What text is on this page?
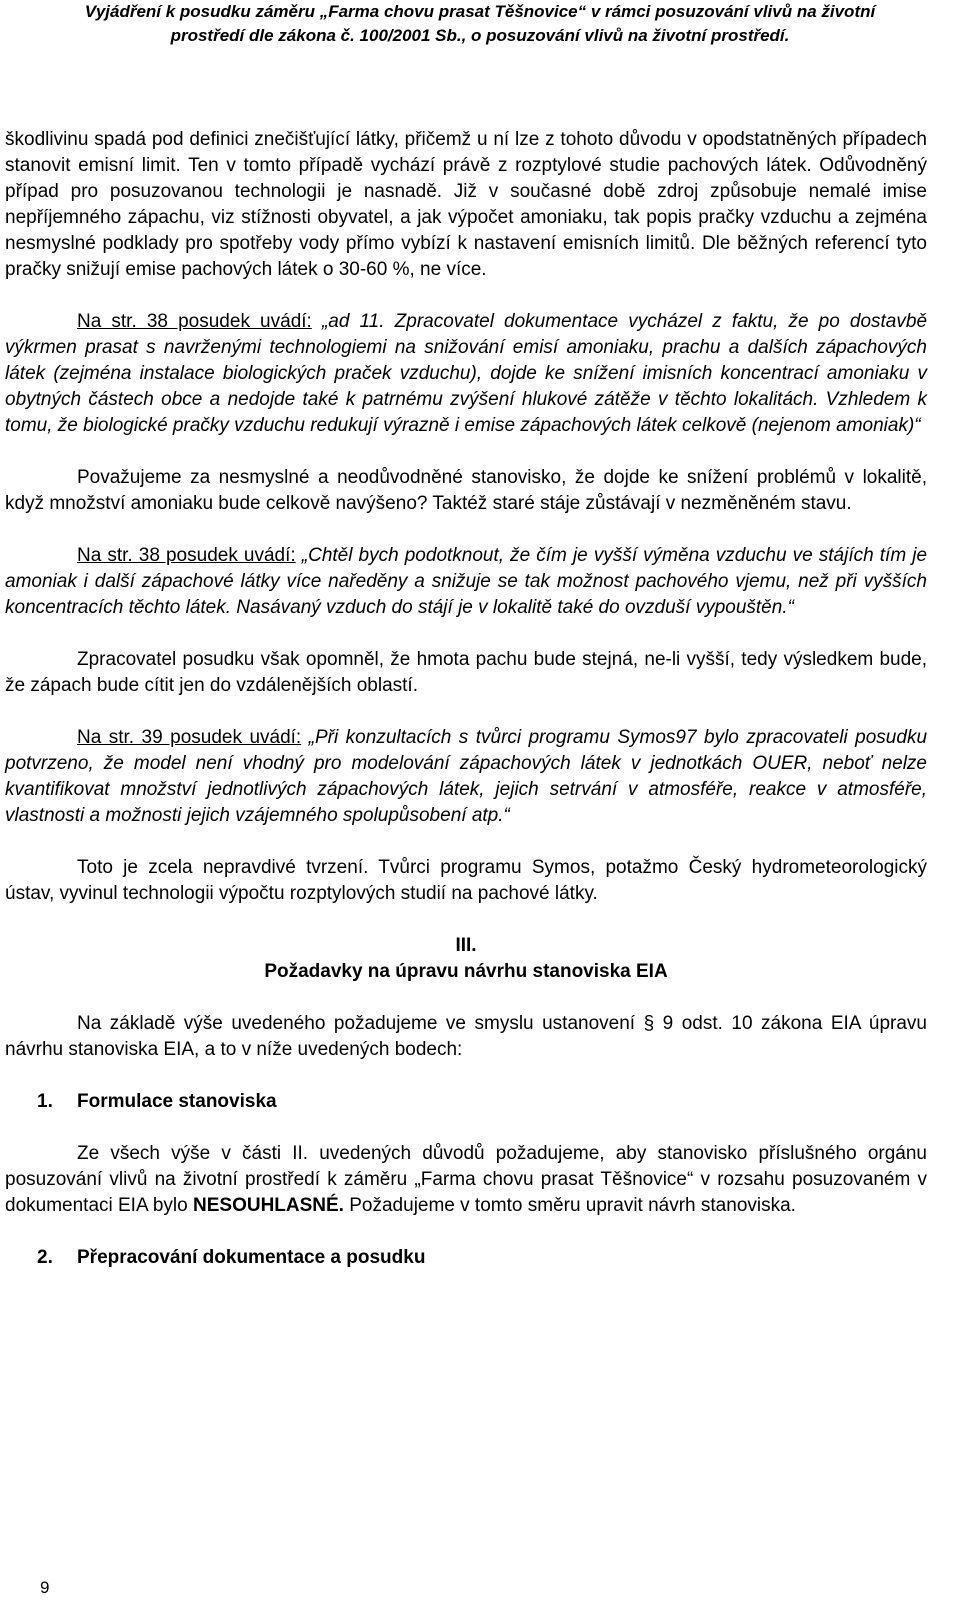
Vyjádření k posudku záměru „Farma chovu prasat Těšnovice“ v rámci posuzování vlivů na životní
prostředí dle zákona č. 100/2001 Sb., o posuzování vlivů na životní prostředí.

škodlivinu spadá pod definici znečišťující látky, přičemž u ní lze z tohoto důvodu v opodstatněných případech stanovit emisní limit. Ten v tomto případě vychází právě z rozptylové studie pachových látek. Odůvodněný případ pro posuzovanou technologii je nasnadě. Již v současné době zdroj způsobuje nemalé imise nepříjemného zápachu, viz stížnosti obyvatel, a jak výpočet amoniaku, tak popis pračky vzduchu a zejména nesmyslné podklady pro spotřeby vody přímo vybízí k nastavení emisních limitů. Dle běžných referencí tyto pračky snižují emise pachových látek o 30-60 %, ne více.

Na str. 38 posudek uvádí: „ad 11. Zpracovatel dokumentace vycházel z faktu, že po dostavbě výkrmen prasat s navrženými technologiemi na snižování emisí amoniaku, prachu a dalších zápachových látek (zejména instalace biologických praček vzduchu), dojde ke snížení imisních koncentrací amoniaku v obytných částech obce a nedojde také k patrnému zvýšení hlukové zátěže v těchto lokalitách. Vzhledem k tomu, že biologické pračky vzduchu redukují výrazně i emise zápachových látek celkově (nejenom amoniak)“

Považujeme za nesmyslné a neodůvodněné stanovisko, že dojde ke snížení problémů v lokalitě, když množství amoniaku bude celkově navýšeno? Taktéž staré stáje zůstávají v nezměněném stavu.

Na str. 38 posudek uvádí: „Chtěl bych podotknout, že čím je vyšší výměna vzduchu ve stájích tím je amoniak i další zápachové látky více naředěny a snižuje se tak možnost pachového vjemu, než při vyšších koncentracích těchto látek. Nasávaný vzduch do stájí je v lokalitě také do ovzduší vypouštěn.“

Zpracovatel posudku však opomněl, že hmota pachu bude stejná, ne-li vyšší, tedy výsledkem bude, že zápach bude cítit jen do vzdálenějších oblastí.

Na str. 39 posudek uvádí: „Při konzultacích s tvůrci programu Symos97 bylo zpracovateli posudku potvrzeno, že model není vhodný pro modelování zápachových látek v jednotkách OUER, neboť nelze kvantifikovat množství jednotlivých zápachových látek, jejich setrvání v atmosféře, reakce v atmosféře, vlastnosti a možnosti jejich vzájemného spolupůsobení atp.“

Toto je zcela nepravdivé tvrzení. Tvůrci programu Symos, potažmo Český hydrometeorologický ústav, vyvinul technologii výpočtu rozptylových studií na pachové látky.

III.

Požadavky na úpravu návrhu stanoviska EIA

Na základě výše uvedeného požadujeme ve smyslu ustanovení § 9 odst. 10 zákona EIA úpravu návrhu stanoviska EIA, a to v níže uvedených bodech:

1. Formulace stanoviska

Ze všech výše v části II. uvedených důvodů požadujeme, aby stanovisko příslušného orgánu posuzování vlivů na životní prostředí k záměru „Farma chovu prasat Těšnovice“ v rozsahu posuzovaném v dokumentaci EIA bylo NESOUHLASNÉ. Požadujeme v tomto směru upravit návrh stanoviska.

2. Přepracování dokumentace a posudku

9
